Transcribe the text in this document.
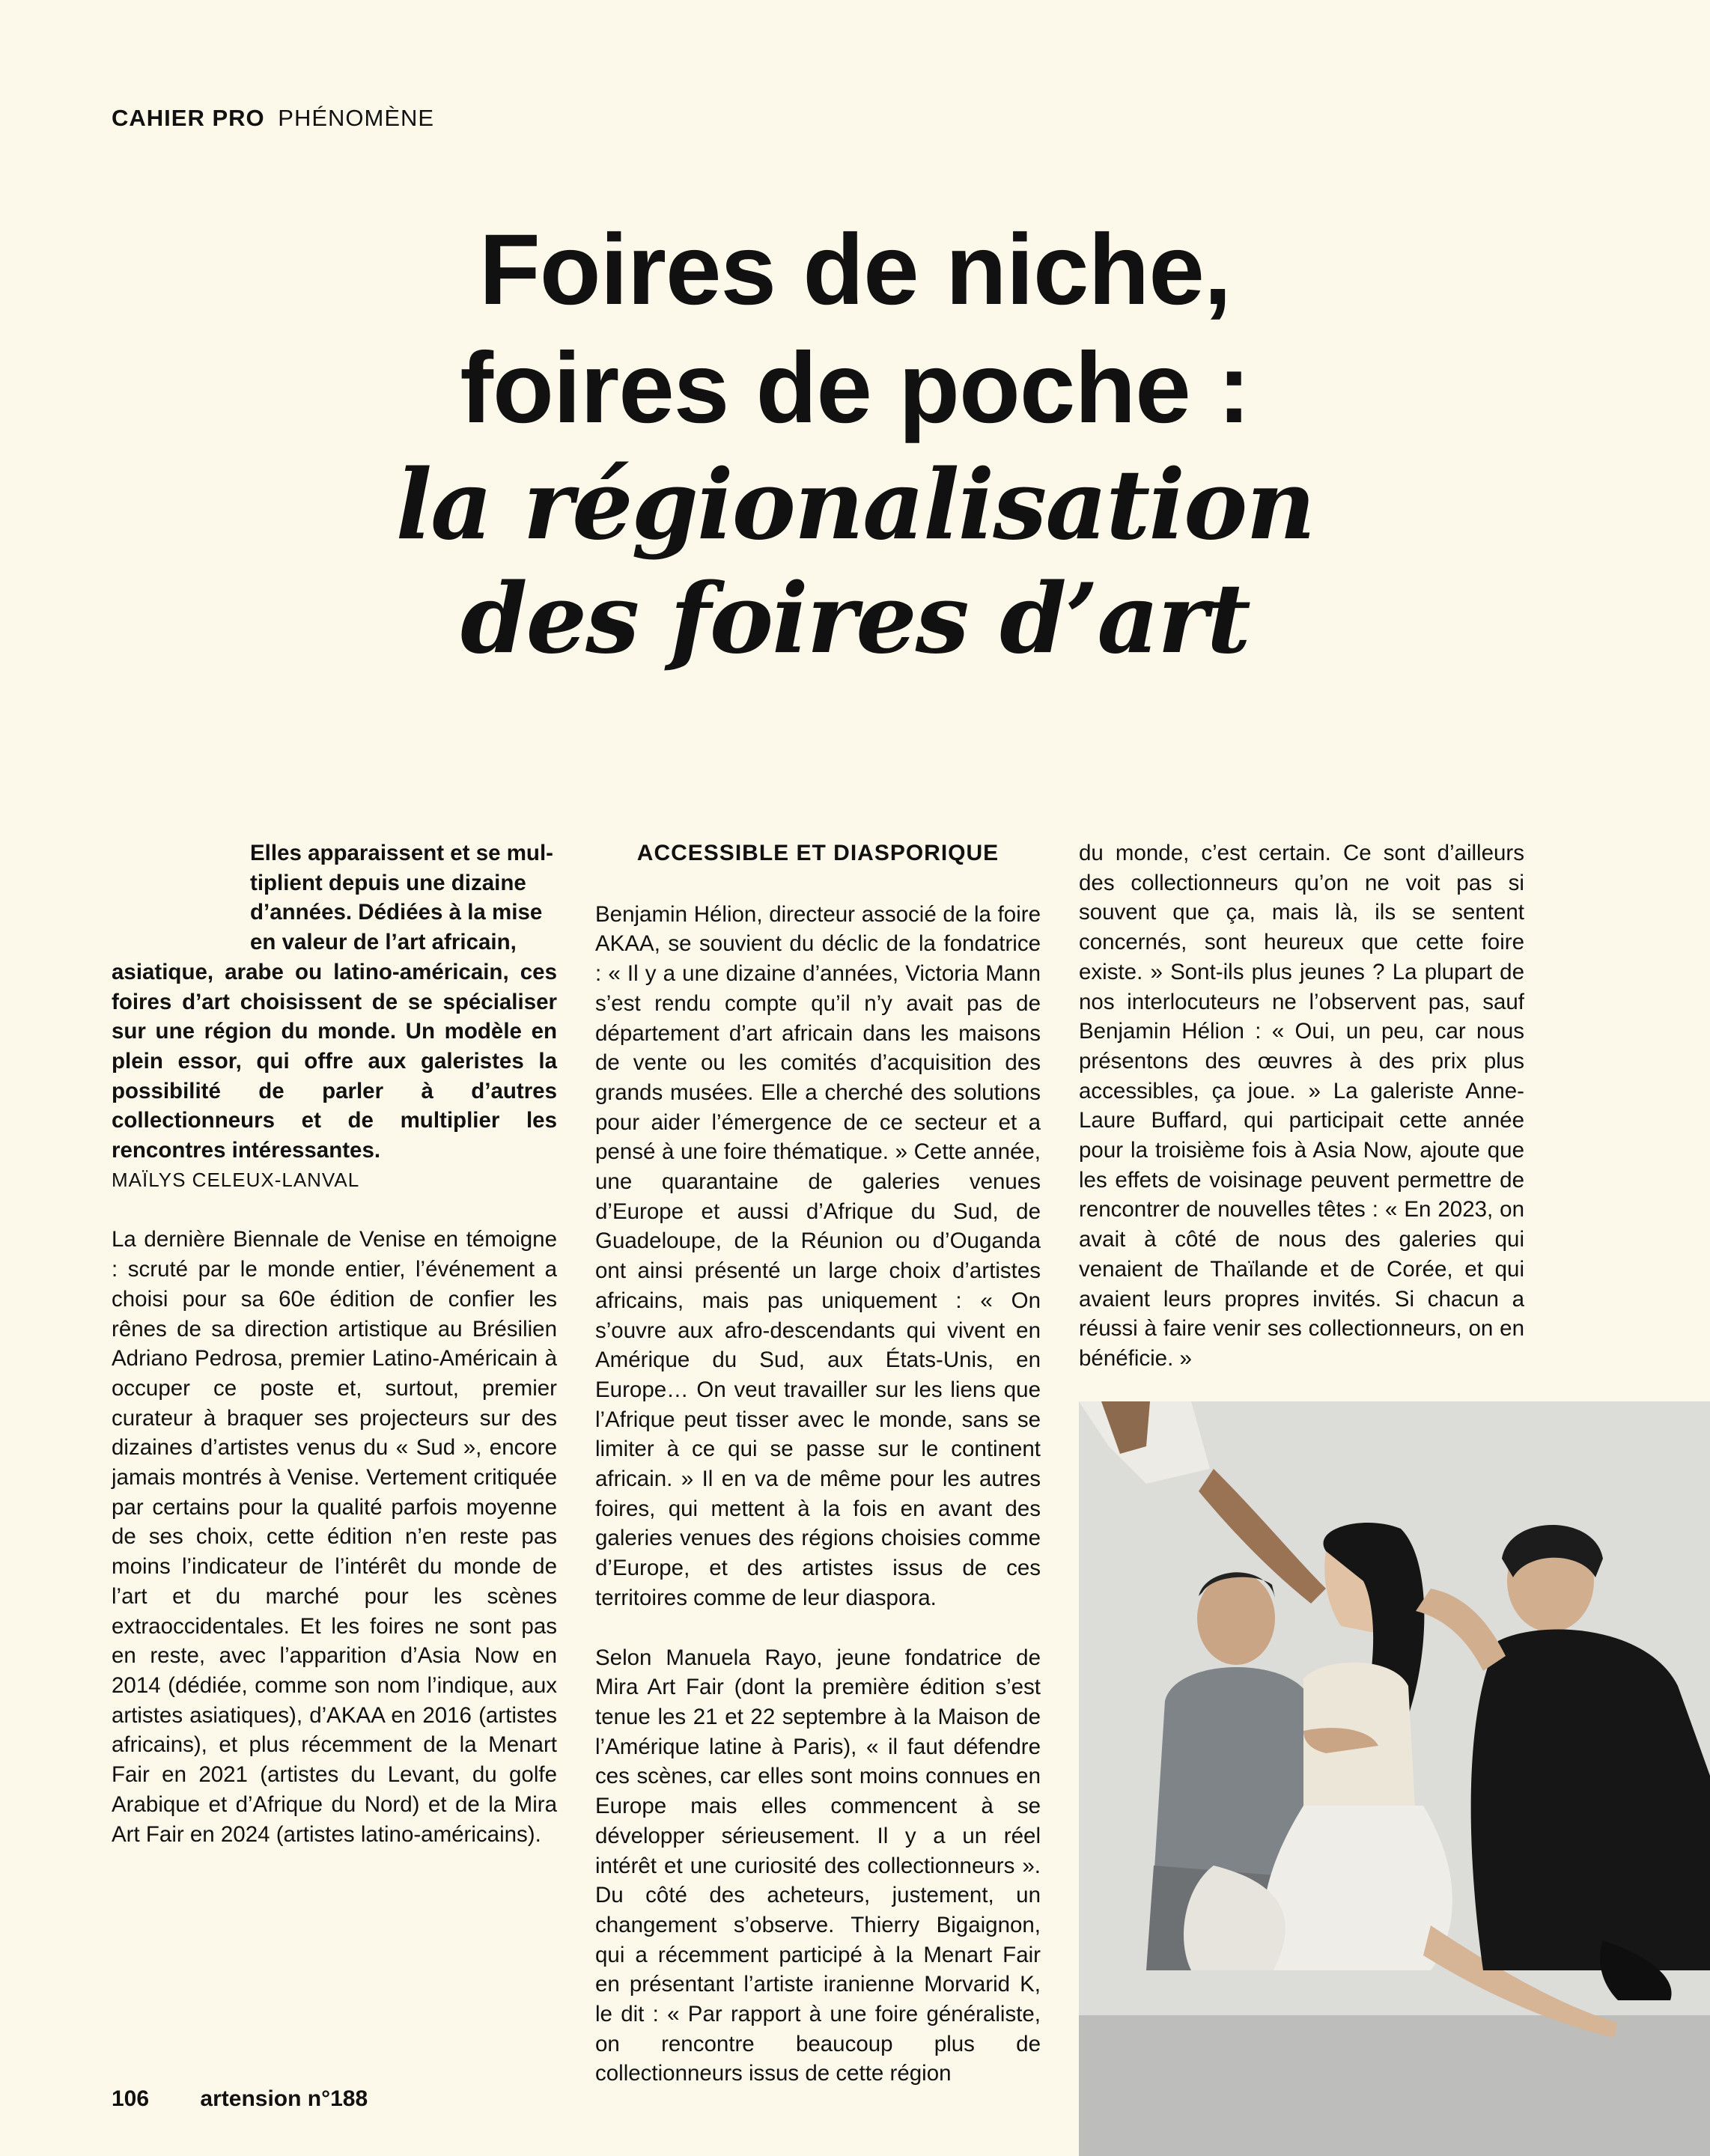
CAHIER PRO PHÉNOMÈNE
Foires de niche,
foires de poche :
la régionalisation
des foires d’art
Elles apparaissent et se mul-
tiplient depuis une dizaine
d’années. Dédiées à la mise
en valeur de l’art africain,
asiatique, arabe ou latino-américain, ces foires d’art choisissent de se spécialiser sur une région du monde. Un modèle en plein essor, qui offre aux galeristes la possibilité de parler à d’autres collectionneurs et de multiplier les rencontres intéressantes.
MAÏLYS CELEUX-LANVAL

La dernière Biennale de Venise en témoigne : scruté par le monde entier, l’événement a choisi pour sa 60e édition de confier les rênes de sa direction artistique au Brésilien Adriano Pedrosa, premier Latino-Américain à occuper ce poste et, surtout, premier curateur à braquer ses projecteurs sur des dizaines d’artistes venus du « Sud », encore jamais montrés à Venise. Vertement critiquée par certains pour la qualité parfois moyenne de ses choix, cette édition n’en reste pas moins l’indicateur de l’intérêt du monde de l’art et du marché pour les scènes extraoccidentales. Et les foires ne sont pas en reste, avec l’apparition d’Asia Now en 2014 (dédiée, comme son nom l’indique, aux artistes asiatiques), d’AKAA en 2016 (artistes africains), et plus récemment de la Menart Fair en 2021 (artistes du Levant, du golfe Arabique et d’Afrique du Nord) et de la Mira Art Fair en 2024 (artistes latino-américains).

ACCESSIBLE ET DIASPORIQUE

Benjamin Hélion, directeur associé de la foire AKAA, se souvient du déclic de la fondatrice : « Il y a une dizaine d’années, Victoria Mann s’est rendu compte qu’il n’y avait pas de département d’art africain dans les maisons de vente ou les comités d’acquisition des grands musées. Elle a cherché des solutions pour aider l’émergence de ce secteur et a pensé à une foire thématique. » Cette année, une quarantaine de galeries venues d’Europe et aussi d’Afrique du Sud, de Guadeloupe, de la Réunion ou d’Ouganda ont ainsi présenté un large choix d’artistes africains, mais pas uniquement : « On s’ouvre aux afro-descendants qui vivent en Amérique du Sud, aux États-Unis, en Europe… On veut travailler sur les liens que l’Afrique peut tisser avec le monde, sans se limiter à ce qui se passe sur le continent africain. » Il en va de même pour les autres foires, qui mettent à la fois en avant des galeries venues des régions choisies comme d’Europe, et des artistes issus de ces territoires comme de leur diaspora.

Selon Manuela Rayo, jeune fondatrice de Mira Art Fair (dont la première édition s’est tenue les 21 et 22 septembre à la Maison de l’Amérique latine à Paris), « il faut défendre ces scènes, car elles sont moins connues en Europe mais elles commencent à se développer sérieusement. Il y a un réel intérêt et une curiosité des collectionneurs ». Du côté des acheteurs, justement, un changement s’observe. Thierry Bigaignon, qui a récemment participé à la Menart Fair en présentant l’artiste iranienne Morvarid K, le dit : « Par rapport à une foire généraliste, on rencontre beaucoup plus de collectionneurs issus de cette région

du monde, c’est certain. Ce sont d’ailleurs des collectionneurs qu’on ne voit pas si souvent que ça, mais là, ils se sentent concernés, sont heureux que cette foire existe. » Sont-ils plus jeunes ? La plupart de nos interlocuteurs ne l’observent pas, sauf Benjamin Hélion : « Oui, un peu, car nous présentons des œuvres à des prix plus accessibles, ça joue. » La galeriste Anne-Laure Buffard, qui participait cette année pour la troisième fois à Asia Now, ajoute que les effets de voisinage peuvent permettre de rencontrer de nouvelles têtes : « En 2023, on avait à côté de nous des galeries qui venaient de Thaïlande et de Corée, et qui avaient leurs propres invités. Si chacun a réussi à faire venir ses collectionneurs, on en bénéficie. »

106 artension n°188
